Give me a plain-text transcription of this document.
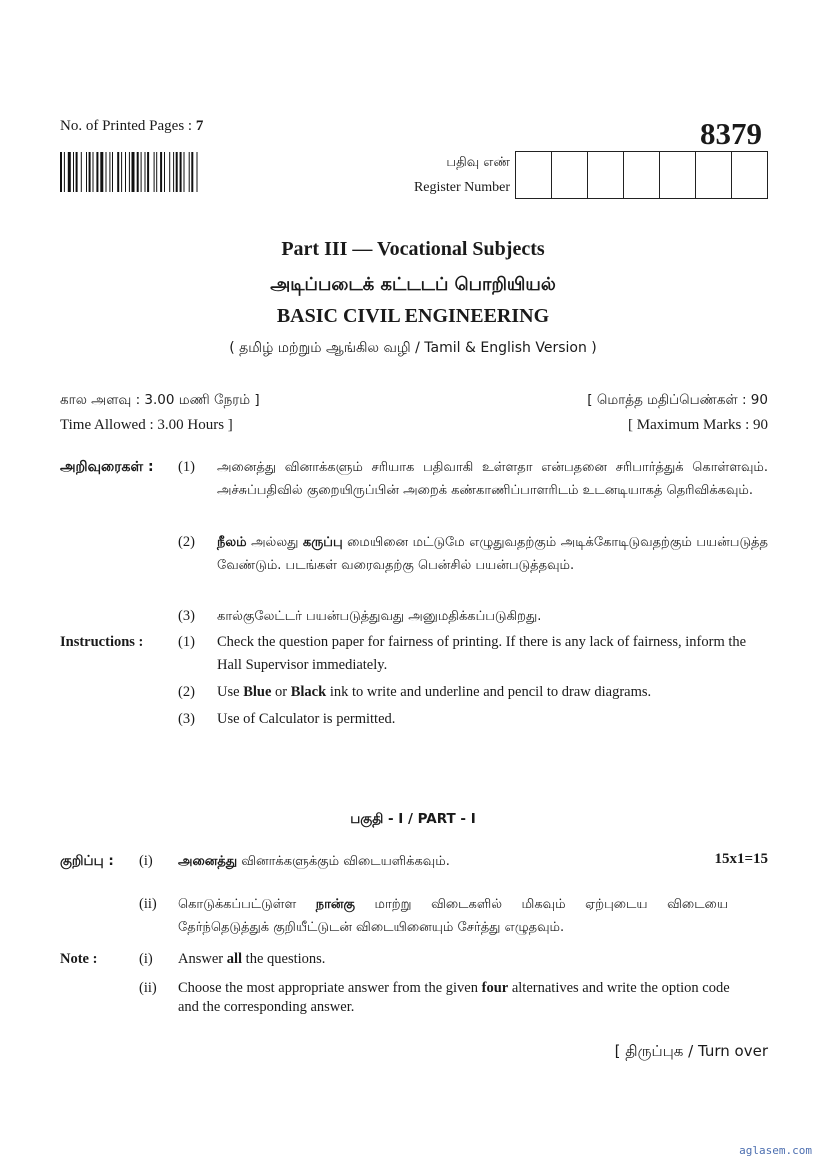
No. of Printed Pages : 7	8379
பதிவு எண்
Register Number
Part III — Vocational Subjects
அடிப்படைக் கட்டடப் பொறியியல்
BASIC CIVIL ENGINEERING
( தமிழ் மற்றும் ஆங்கில வழி / Tamil & English Version )
கால அளவு : 3.00 மணி நேரம் ]
Time Allowed : 3.00 Hours ]
[ மொத்த மதிப்பெண்கள் : 90
[ Maximum Marks : 90
அறிவுரைகள் : (1) அனைத்து வினாக்களும் சரியாக பதிவாகி உள்ளதா என்பதனை சரிபார்த்துக் கொள்ளவும். அச்சுப்பதிவில் குறையிருப்பின் அறைக் கண்காணிப்பாளரிடம் உடனடியாகத் தெரிவிக்கவும்.
(2) நீலம் அல்லது கருப்பு மையினை மட்டுமே எழுதுவதற்கும் அடிக்கோடிடுவதற்கும் பயன்படுத்த வேண்டும். படங்கள் வரைவதற்கு பென்சில் பயன்படுத்தவும்.
(3) கால்குலேட்டர் பயன்படுத்துவது அனுமதிக்கப்படுகிறது.
Instructions : (1) Check the question paper for fairness of printing. If there is any lack of fairness, inform the Hall Supervisor immediately.
(2) Use Blue or Black ink to write and underline and pencil to draw diagrams.
(3) Use of Calculator is permitted.
பகுதி - I / PART - I
குறிப்பு : (i) அனைத்து வினாக்களுக்கும் விடையளிக்கவும்.	15x1=15
(ii) கொடுக்கப்பட்டுள்ள நான்கு மாற்று விடைகளில் மிகவும் ஏற்புடைய விடையை தேர்ந்தெடுத்துக் குறியீட்டுடன் விடையினையும் சேர்த்து எழுதவும்.
Note :	(i) Answer all the questions.
(ii) Choose the most appropriate answer from the given four alternatives and write the option code and the corresponding answer.
[ திருப்புக / Turn over
aglasem.com
